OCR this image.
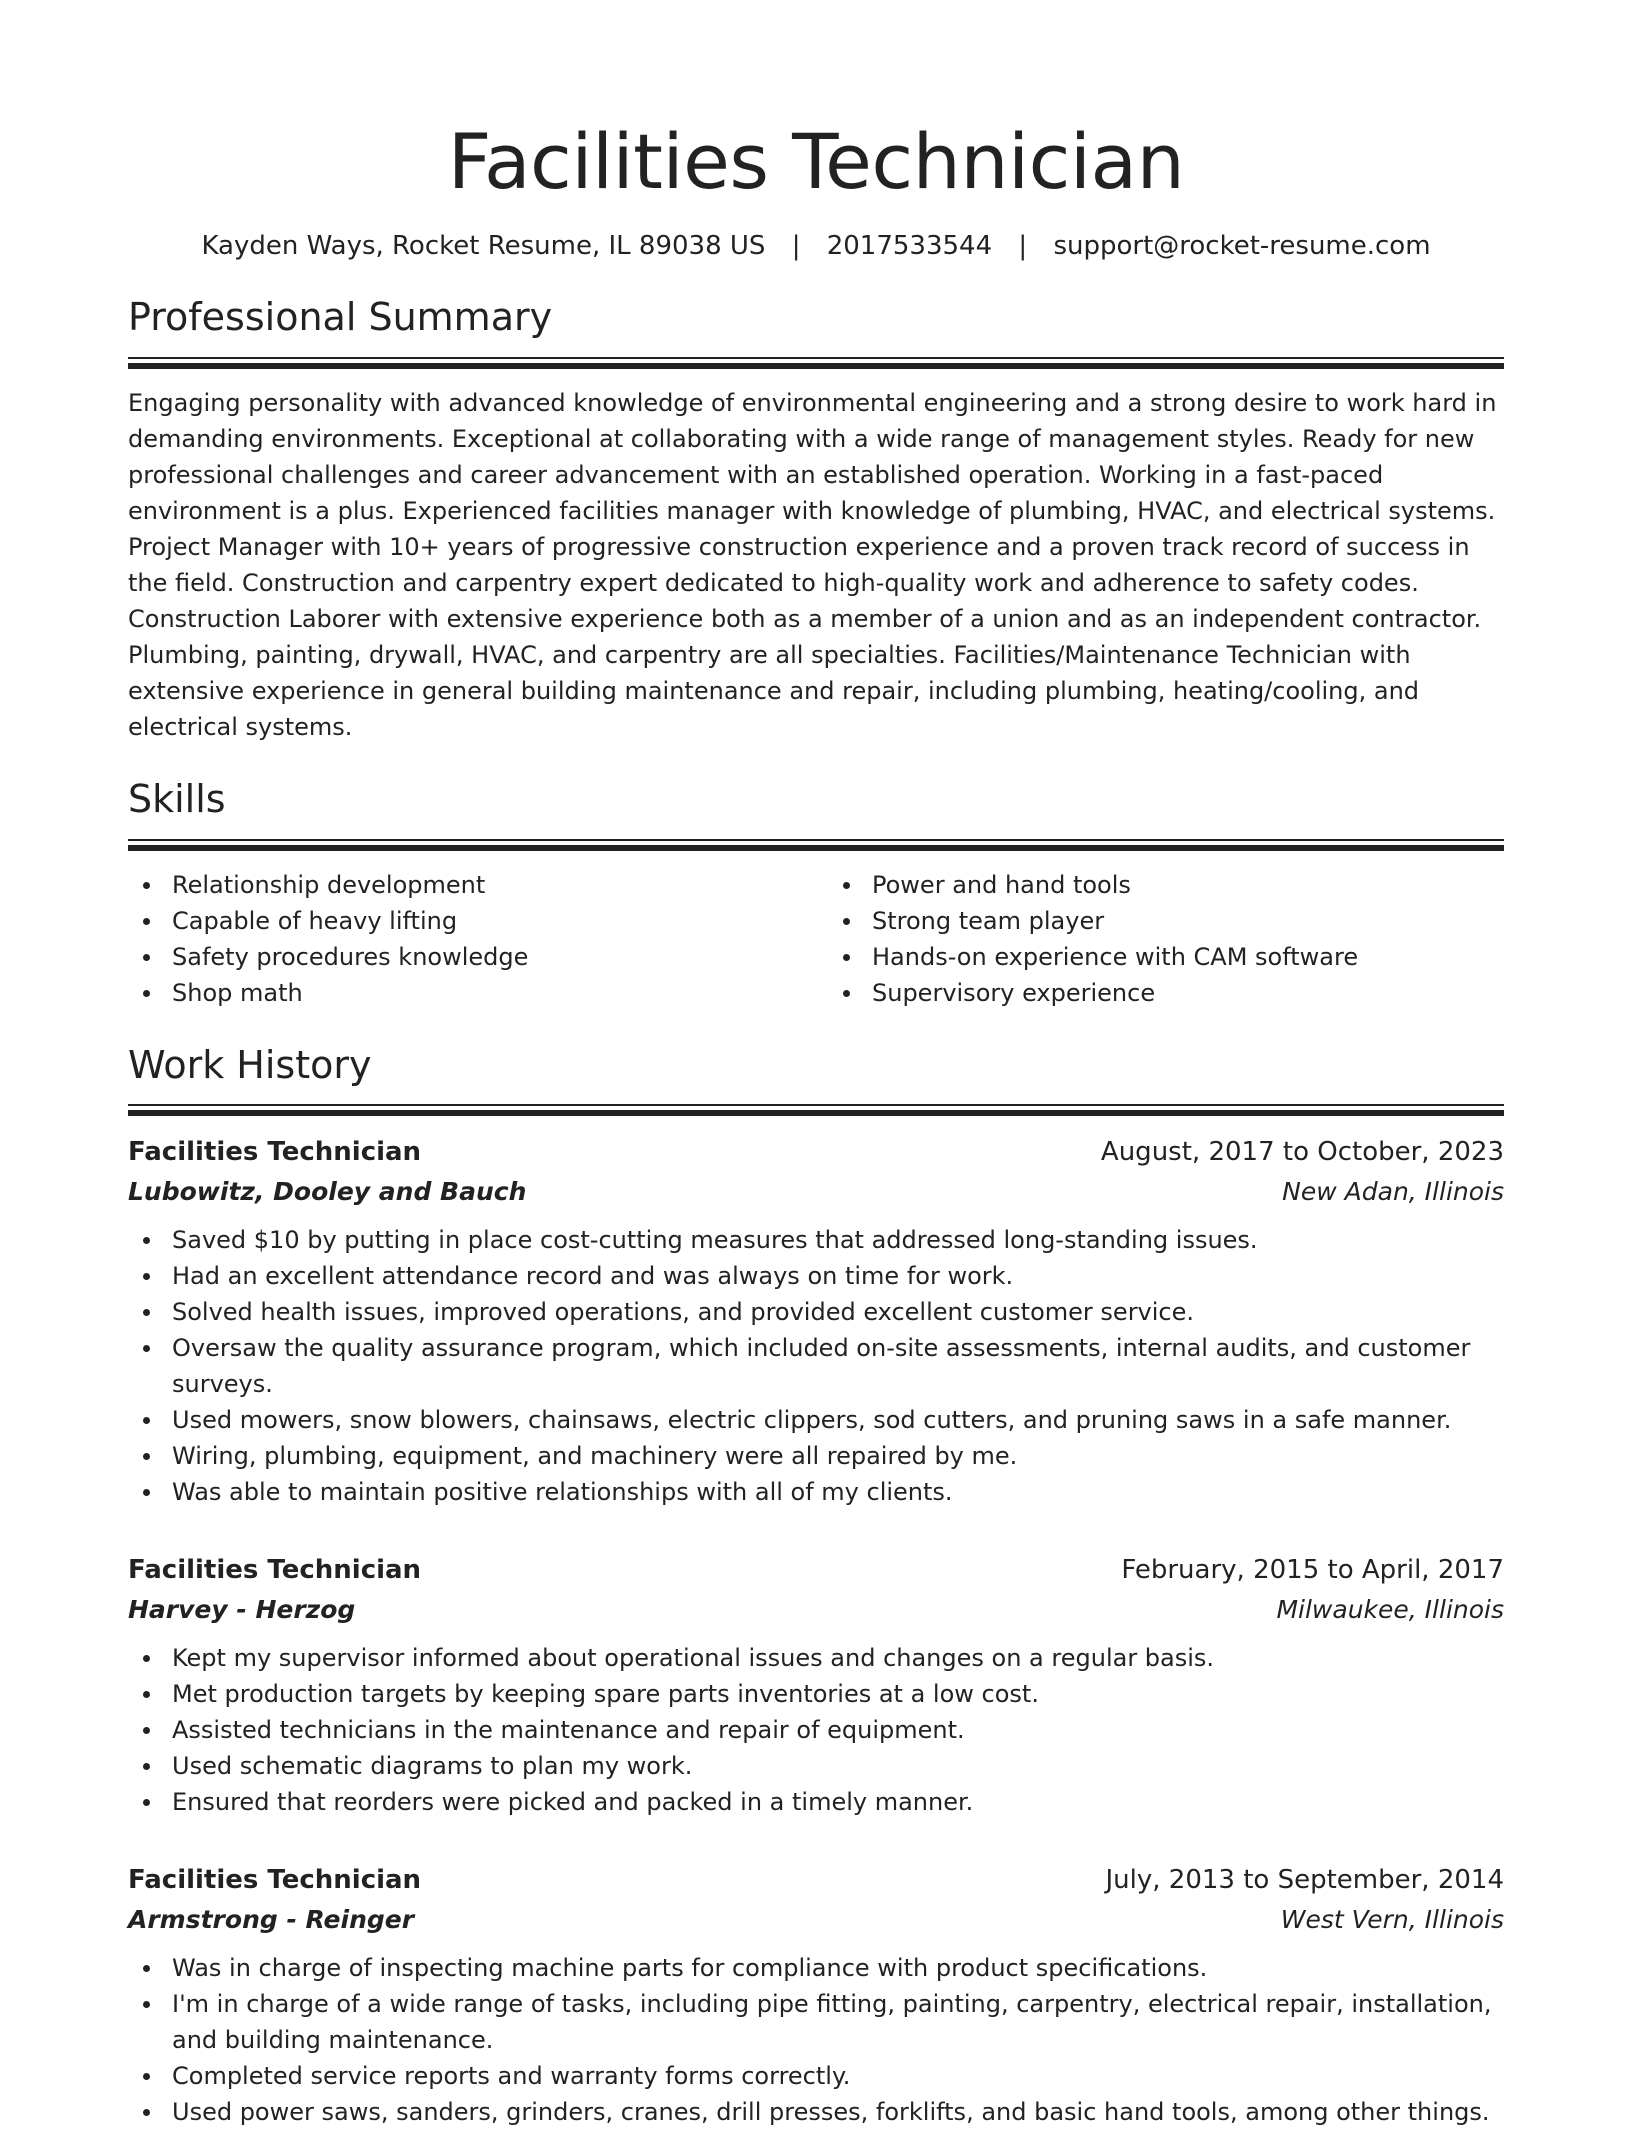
Facilities Technician
Kayden Ways, Rocket Resume, IL 89038 US | 2017533544 | support@rocket-resume.com
Professional Summary

Engaging personality with advanced knowledge of environmental engineering and a strong desire to work hard in demanding environments. Exceptional at collaborating with a wide range of management styles. Ready for new professional challenges and career advancement with an established operation. Working in a fast-paced environment is a plus. Experienced facilities manager with knowledge of plumbing, HVAC, and electrical systems. Project Manager with 10+ years of progressive construction experience and a proven track record of success in the field. Construction and carpentry expert dedicated to high-quality work and adherence to safety codes. Construction Laborer with extensive experience both as a member of a union and as an independent contractor. Plumbing, painting, drywall, HVAC, and carpentry are all specialties. Facilities/Maintenance Technician with extensive experience in general building maintenance and repair, including plumbing, heating/cooling, and electrical systems.

Skills
Relationship development	Power and hand tools
Capable of heavy lifting	Strong team player
Safety procedures knowledge	Hands-on experience with CAM software
Shop math	Supervisory experience
Work History
Facilities Technician	August, 2017 to October, 2023
Lubowitz, Dooley and Bauch	New Adan, Illinois
Saved $10 by putting in place cost-cutting measures that addressed long-standing issues.
Had an excellent attendance record and was always on time for work.
Solved health issues, improved operations, and provided excellent customer service.
Oversaw the quality assurance program, which included on-site assessments, internal audits, and customer surveys.
Used mowers, snow blowers, chainsaws, electric clippers, sod cutters, and pruning saws in a safe manner.
Wiring, plumbing, equipment, and machinery were all repaired by me.
Was able to maintain positive relationships with all of my clients.
Facilities Technician	February, 2015 to April, 2017
Harvey - Herzog	Milwaukee, Illinois
Kept my supervisor informed about operational issues and changes on a regular basis.
Met production targets by keeping spare parts inventories at a low cost.
Assisted technicians in the maintenance and repair of equipment.
Used schematic diagrams to plan my work.
Ensured that reorders were picked and packed in a timely manner.
Facilities Technician	July, 2013 to September, 2014
Armstrong - Reinger	West Vern, Illinois
Was in charge of inspecting machine parts for compliance with product specifications.
I'm in charge of a wide range of tasks, including pipe fitting, painting, carpentry, electrical repair, installation, and building maintenance.
Completed service reports and warranty forms correctly.
Used power saws, sanders, grinders, cranes, drill presses, forklifts, and basic hand tools, among other things.
